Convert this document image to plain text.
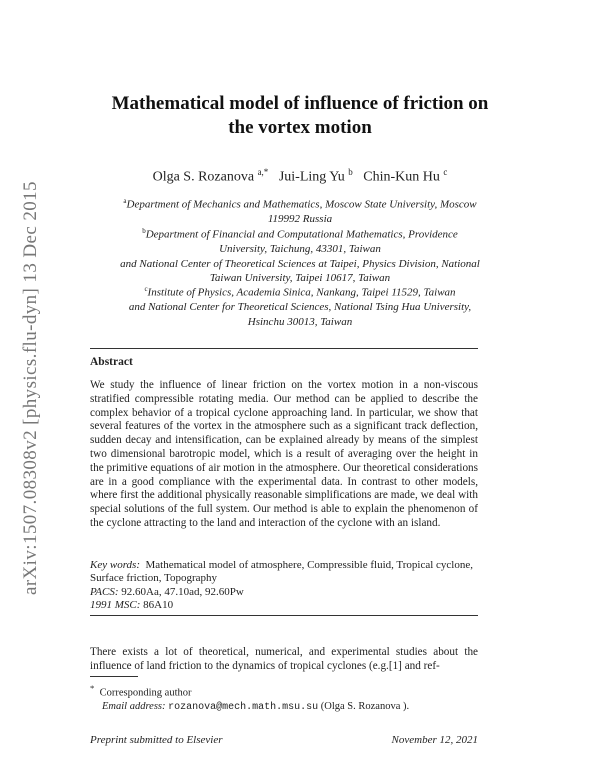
arXiv:1507.08308v2 [physics.flu-dyn] 13 Dec 2015
Mathematical model of influence of friction on
the vortex motion
Olga S. Rozanova $^{a,*}$ Jui-Ling Yu $^b$ Chin-Kun Hu $^c$
$^a$Department of Mechanics and Mathematics, Moscow State University, Moscow
119992 Russia
$^b$Department of Financial and Computational Mathematics, Providence
University, Taichung, 43301, Taiwan
and National Center of Theoretical Sciences at Taipei, Physics Division, National
Taiwan University, Taipei 10617, Taiwan
$^c$Institute of Physics, Academia Sinica, Nankang, Taipei 11529, Taiwan
and National Center for Theoretical Sciences, National Tsing Hua University,
Hsinchu 30013, Taiwan
Abstract
We study the influence of linear friction on the vortex motion in a non-viscous stratified compressible rotating media. Our method can be applied to describe the complex behavior of a tropical cyclone approaching land. In particular, we show that several features of the vortex in the atmosphere such as a significant track deflection, sudden decay and intensification, can be explained already by means of the simplest two dimensional barotropic model, which is a result of averaging over the height in the primitive equations of air motion in the atmosphere. Our theoretical considerations are in a good compliance with the experimental data. In contrast to other models, where first the additional physically reasonable simplifications are made, we deal with special solutions of the full system. Our method is able to explain the phenomenon of the cyclone attracting to the land and interaction of the cyclone with an island.
Key words: Mathematical model of atmosphere, Compressible fluid, Tropical cyclone, Surface friction, Topography
PACS: 92.60Aa, 47.10ad, 92.60Pw
1991 MSC: 86A10
There exists a lot of theoretical, numerical, and experimental studies about the influence of land friction to the dynamics of tropical cyclones (e.g.[1] and ref-
* Corresponding author
Email address: rozanova@mech.math.msu.su (Olga S. Rozanova ).
Preprint submitted to Elsevier	November 12, 2021
